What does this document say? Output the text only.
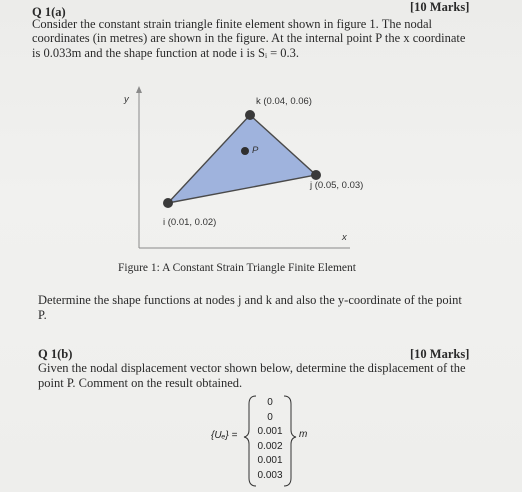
Q 1(a)	[10 Marks]
Consider the constant strain triangle finite element shown in figure 1. The nodal
coordinates (in metres) are shown in the figure. At the internal point P the x coordinate
is 0.033m and the shape function at node i is Sᵢ = 0.3.
y
x
k (0.04, 0.06)
j (0.05, 0.03)
i (0.01, 0.02)
P
Figure 1: A Constant Strain Triangle Finite Element
Determine the shape functions at nodes j and k and also the y-coordinate of the point
P.
Q 1(b)	[10 Marks]
Given the nodal displacement vector shown below, determine the displacement of the
point P. Comment on the result obtained.
{Uₑ} =
0
0
0.001
0.002
0.001
0.003
m
